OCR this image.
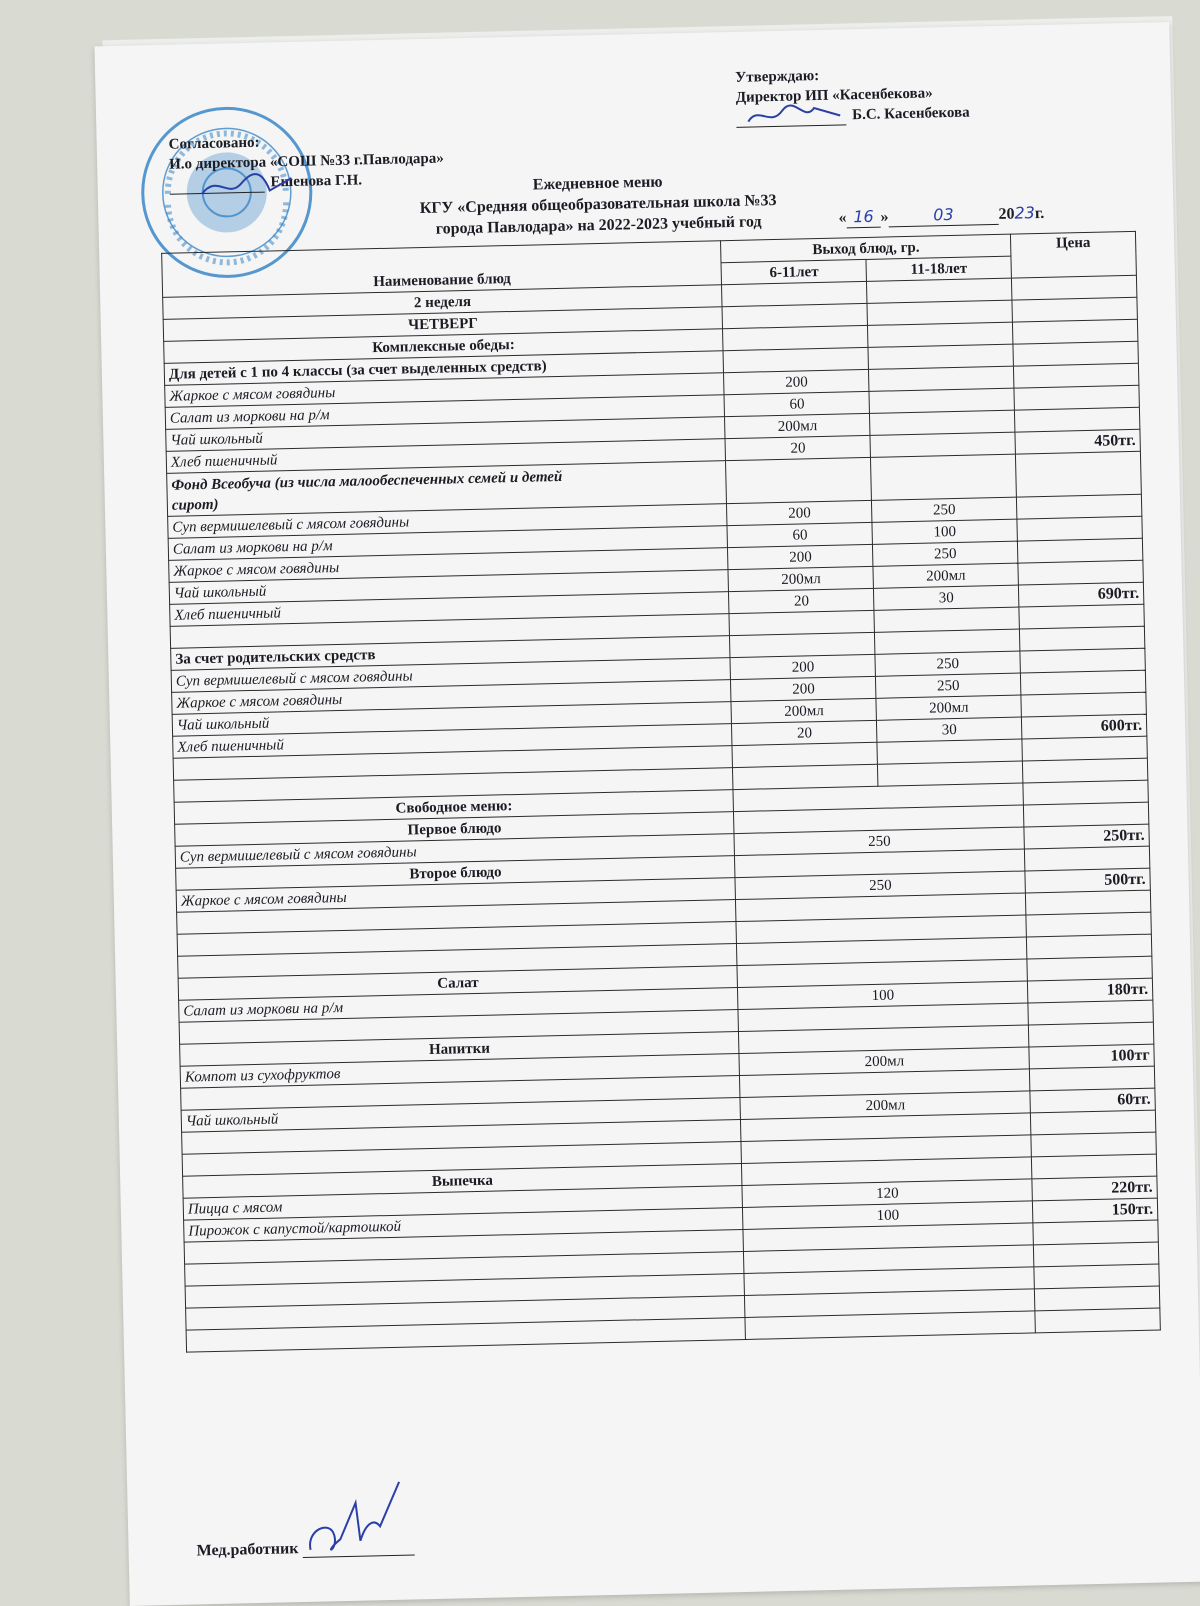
Согласовано:
И.о директора «СОШ №33 г.Павлодара»
Ешенова Г.Н.
Утверждаю:
Директор ИП «Касенбекова»
Б.С. Касенбекова
Ежедневное меню
КГУ «Средняя общеобразовательная школа №33
города Павлодара» на 2022-2023 учебный год	« 16 »	03	2023г.
Наименование блюд	Выход блюд, гр.		Цена
	6-11лет	11-18лет	
2 неделя			
ЧЕТВЕРГ			
Комплексные обеды:			
Для детей с 1 по 4 классы (за счет выделенных средств)			
Жаркое с мясом говядины	200		
Салат из моркови на р/м	60		
Чай школьный	200мл		
Хлеб пшеничный	20		450тг.

Фонд Всеобуча (из числа малообеспеченных семей и детей
сирот)			

Суп вермишелевый с мясом говядины	200	250	
Салат из моркови на р/м	60	100	
Жаркое с мясом говядины	200	250	
Чай школьный	200мл	200мл	
Хлеб пшеничный	20	30	690тг.

За счет родительских средств			
Суп вермишелевый с мясом говядины	200	250	
Жаркое с мясом говядины	200	250	
Чай школьный	200мл	200мл	
Хлеб пшеничный	20	30	600тг.

Свободное меню:			
Первое блюдо			
Суп вермишелевый с мясом говядины	250		250тг.
Второе блюдо			
Жаркое с мясом говядины	250		500тг.

Салат			
Салат из моркови на р/м	100		180тг.

Напитки			
Компот из сухофруктов	200мл		100тг

Чай школьный	200мл		60тг.

Выпечка			
Пицца с мясом	120		220тг.
Пирожок с капустой/картошкой	100		150тг.

Мед.работник
